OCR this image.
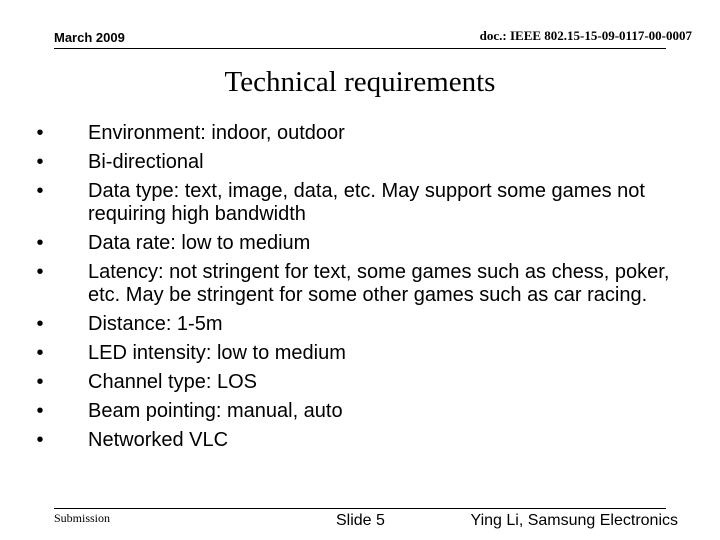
March 2009	doc.: IEEE 802.15-15-09-0117-00-0007
Technical requirements
•	Environment: indoor, outdoor
•	Bi-directional
•	Data type: text, image, data, etc. May support some games not requiring high bandwidth
•	Data rate: low to medium
•	Latency: not stringent for text, some games such as chess, poker, etc. May be stringent for some other games such as car racing.
•	Distance: 1-5m
•	LED intensity: low to medium
•	Channel type: LOS
•	Beam pointing: manual, auto
•	Networked VLC
Submission	Slide 5	Ying Li, Samsung Electronics
